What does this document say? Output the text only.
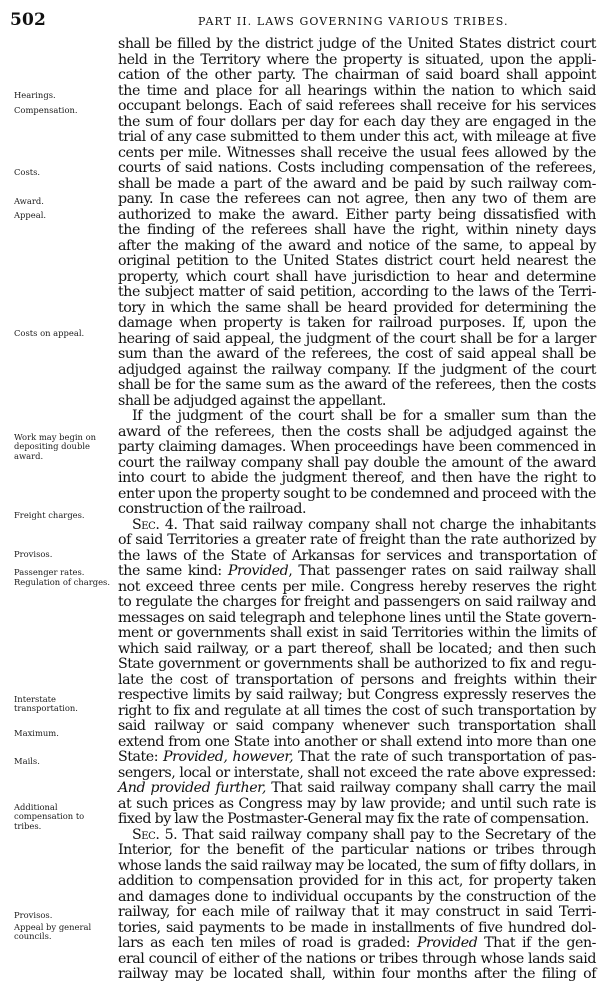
502	PART II. LAWS GOVERNING VARIOUS TRIBES.
Hearings.
Compensation.
Costs.
Award.
Appeal.
Costs on appeal.
Work may begin on depositing double award.
Freight charges.
Provisos.
Passenger rates.
Regulation of charges.
Interstate transportation.
Maximum.
Mails.
Additional compensation to tribes.
Provisos.
Appeal by general councils.
shall be filled by the district judge of the United States district court
held in the Territory where the property is situated, upon the appli-
cation of the other party. The chairman of said board shall appoint
the time and place for all hearings within the nation to which said
occupant belongs. Each of said referees shall receive for his services
the sum of four dollars per day for each day they are engaged in the
trial of any case submitted to them under this act, with mileage at five
cents per mile. Witnesses shall receive the usual fees allowed by the
courts of said nations. Costs including compensation of the referees,
shall be made a part of the award and be paid by such railway com-
pany. In case the referees can not agree, then any two of them are
authorized to make the award. Either party being dissatisfied with
the finding of the referees shall have the right, within ninety days
after the making of the award and notice of the same, to appeal by
original petition to the United States district court held nearest the
property, which court shall have jurisdiction to hear and determine
the subject matter of said petition, according to the laws of the Terri-
tory in which the same shall be heard provided for determining the
damage when property is taken for railroad purposes. If, upon the
hearing of said appeal, the judgment of the court shall be for a larger
sum than the award of the referees, the cost of said appeal shall be
adjudged against the railway company. If the judgment of the court
shall be for the same sum as the award of the referees, then the costs
shall be adjudged against the appellant.
If the judgment of the court shall be for a smaller sum than the
award of the referees, then the costs shall be adjudged against the
party claiming damages. When proceedings have been commenced in
court the railway company shall pay double the amount of the award
into court to abide the judgment thereof, and then have the right to
enter upon the property sought to be condemned and proceed with the
construction of the railroad.
Sec. 4. That said railway company shall not charge the inhabitants
of said Territories a greater rate of freight than the rate authorized by
the laws of the State of Arkansas for services and transportation of
the same kind: Provided, That passenger rates on said railway shall
not exceed three cents per mile. Congress hereby reserves the right
to regulate the charges for freight and passengers on said railway and
messages on said telegraph and telephone lines until the State govern-
ment or governments shall exist in said Territories within the limits of
which said railway, or a part thereof, shall be located; and then such
State government or governments shall be authorized to fix and regu-
late the cost of transportation of persons and freights within their
respective limits by said railway; but Congress expressly reserves the
right to fix and regulate at all times the cost of such transportation by
said railway or said company whenever such transportation shall
extend from one State into another or shall extend into more than one
State: Provided, however, That the rate of such transportation of pas-
sengers, local or interstate, shall not exceed the rate above expressed:
And provided further, That said railway company shall carry the mail
at such prices as Congress may by law provide; and until such rate is
fixed by law the Postmaster-General may fix the rate of compensation.
Sec. 5. That said railway company shall pay to the Secretary of the
Interior, for the benefit of the particular nations or tribes through
whose lands the said railway may be located, the sum of fifty dollars, in
addition to compensation provided for in this act, for property taken
and damages done to individual occupants by the construction of the
railway, for each mile of railway that it may construct in said Terri-
tories, said payments to be made in installments of five hundred dol-
lars as each ten miles of road is graded: Provided That if the gen-
eral council of either of the nations or tribes through whose lands said
railway may be located shall, within four months after the filing of
